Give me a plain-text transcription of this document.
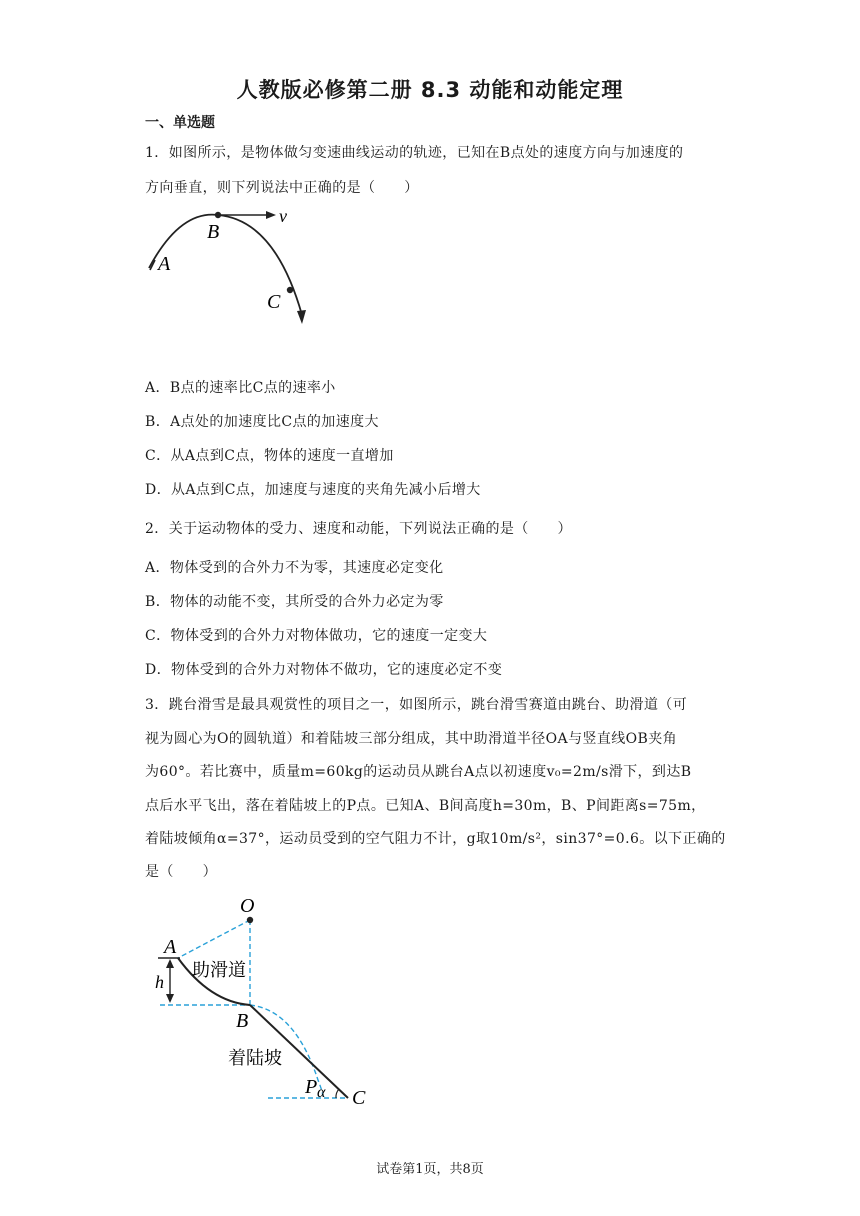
人教版必修第二册 8.3 动能和动能定理
一、单选题
1．如图所示，是物体做匀变速曲线运动的轨迹，已知在B点处的速度方向与加速度的
方向垂直，则下列说法中正确的是（　　）
A
B
v
C
A．B点的速率比C点的速率小
B．A点处的加速度比C点的加速度大
C．从A点到C点，物体的速度一直增加
D．从A点到C点，加速度与速度的夹角先减小后增大
2．关于运动物体的受力、速度和动能，下列说法正确的是（　　）
A．物体受到的合外力不为零，其速度必定变化
B．物体的动能不变，其所受的合外力必定为零
C．物体受到的合外力对物体做功，它的速度一定变大
D．物体受到的合外力对物体不做功，它的速度必定不变
3．跳台滑雪是最具观赏性的项目之一，如图所示，跳台滑雪赛道由跳台、助滑道（可
视为圆心为O的圆轨道）和着陆坡三部分组成，其中助滑道半径OA与竖直线OB夹角
为60°。若比赛中，质量m=60kg的运动员从跳台A点以初速度v₀=2m/s滑下，到达B
点后水平飞出，落在着陆坡上的P点。已知A、B间高度h=30m，B、P间距离s=75m，
着陆坡倾角α=37°，运动员受到的空气阻力不计，g取10m/s²，sin37°=0.6。以下正确的
是（　　）
O
A
h
B
P α C
助滑道
着陆坡
试卷第1页，共8页
